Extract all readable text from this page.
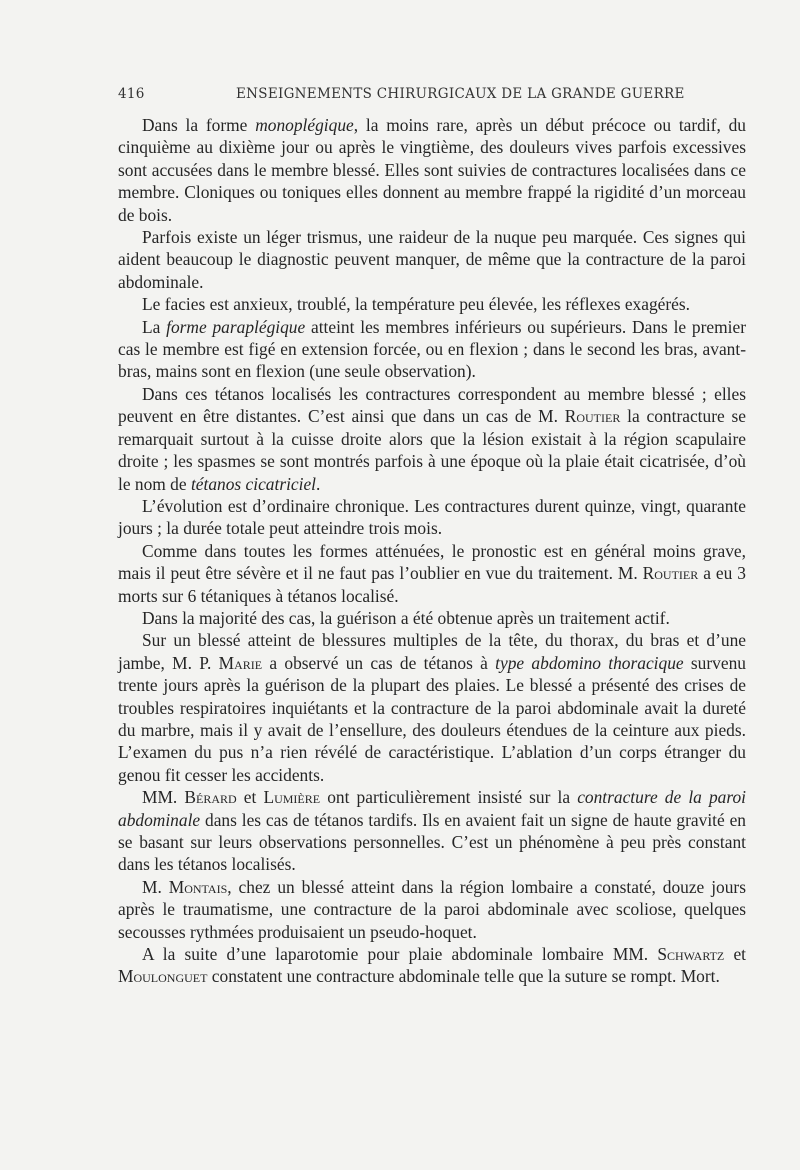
416	ENSEIGNEMENTS CHIRURGICAUX DE LA GRANDE GUERRE

Dans la forme monoplégique, la moins rare, après un début précoce ou tardif, du cinquième au dixième jour ou après le vingtième, des douleurs vives parfois excessives sont accusées dans le membre blessé. Elles sont suivies de contractures localisées dans ce membre. Cloniques ou toniques elles donnent au membre frappé la rigidité d’un morceau de bois.

Parfois existe un léger trismus, une raideur de la nuque peu marquée. Ces signes qui aident beaucoup le diagnostic peuvent manquer, de même que la contracture de la paroi abdominale.

Le facies est anxieux, troublé, la température peu élevée, les réflexes exagérés.

La forme paraplégique atteint les membres inférieurs ou supérieurs. Dans le premier cas le membre est figé en extension forcée, ou en flexion ; dans le second les bras, avant-bras, mains sont en flexion (une seule observation).

Dans ces tétanos localisés les contractures correspondent au membre blessé ; elles peuvent en être distantes. C’est ainsi que dans un cas de M. Routier la contracture se remarquait surtout à la cuisse droite alors que la lésion existait à la région scapulaire droite ; les spasmes se sont montrés parfois à une époque où la plaie était cicatrisée, d’où le nom de tétanos cicatriciel.

L’évolution est d’ordinaire chronique. Les contractures durent quinze, vingt, quarante jours ; la durée totale peut atteindre trois mois.

Comme dans toutes les formes atténuées, le pronostic est en général moins grave, mais il peut être sévère et il ne faut pas l’oublier en vue du traitement. M. Routier a eu 3 morts sur 6 tétaniques à tétanos localisé.

Dans la majorité des cas, la guérison a été obtenue après un traitement actif.

Sur un blessé atteint de blessures multiples de la tête, du thorax, du bras et d’une jambe, M. P. Marie a observé un cas de tétanos à type abdomino thoracique survenu trente jours après la guérison de la plupart des plaies. Le blessé a présenté des crises de troubles respiratoires inquiétants et la contracture de la paroi abdominale avait la dureté du marbre, mais il y avait de l’ensellure, des douleurs étendues de la ceinture aux pieds. L’examen du pus n’a rien révélé de caractéristique. L’ablation d’un corps étranger du genou fit cesser les accidents.

MM. Bérard et Lumière ont particulièrement insisté sur la contracture de la paroi abdominale dans les cas de tétanos tardifs. Ils en avaient fait un signe de haute gravité en se basant sur leurs observations personnelles. C’est un phénomène à peu près constant dans les tétanos localisés.

M. Montais, chez un blessé atteint dans la région lombaire a constaté, douze jours après le traumatisme, une contracture de la paroi abdominale avec scoliose, quelques secousses rythmées produisaient un pseudo-hoquet.

A la suite d’une laparotomie pour plaie abdominale lombaire MM. Schwartz et Moulonguet constatent une contracture abdominale telle que la suture se rompt. Mort.
